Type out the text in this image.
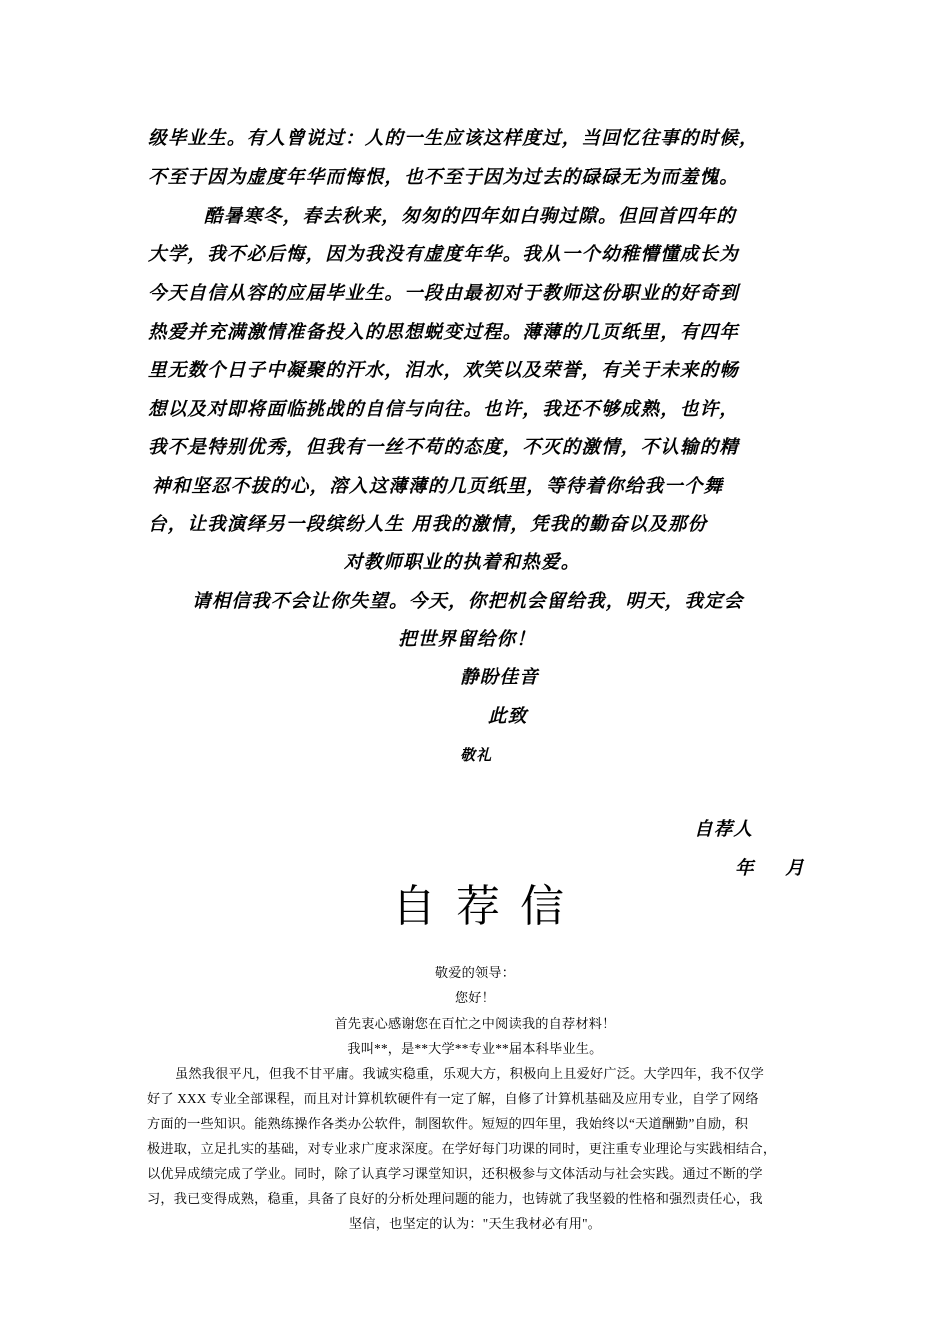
级毕业生。有人曾说过：人的一生应该这样度过，当回忆往事的时候，
不至于因为虚度年华而悔恨，也不至于因为过去的碌碌无为而羞愧。
酷暑寒冬，春去秋来，匆匆的四年如白驹过隙。但回首四年的
大学，我不必后悔，因为我没有虚度年华。我从一个幼稚懵懂成长为
今天自信从容的应届毕业生。一段由最初对于教师这份职业的好奇到
热爱并充满激情准备投入的思想蜕变过程。薄薄的几页纸里，有四年
里无数个日子中凝聚的汗水，泪水，欢笑以及荣誉，有关于未来的畅
想以及对即将面临挑战的自信与向往。也许，我还不够成熟，也许，
我不是特别优秀，但我有一丝不苟的态度，不灭的激情，不认输的精
神和坚忍不拔的心，溶入这薄薄的几页纸里，等待着你给我一个舞
台，让我演绎另一段缤纷人生 用我的激情，凭我的勤奋以及那份
对教师职业的执着和热爱。
请相信我不会让你失望。今天，你把机会留给我，明天，我定会
把世界留给你！
静盼佳音
此致
敬礼
自荐人
年    月
自荐信
敬爱的领导：
您好！
首先衷心感谢您在百忙之中阅读我的自荐材料！
我叫**，是**大学**专业**届本科毕业生。
虽然我很平凡，但我不甘平庸。我诚实稳重，乐观大方，积极向上且爱好广泛。大学四年，我不仅学
好了 XXX 专业全部课程，而且对计算机软硬件有一定了解，自修了计算机基础及应用专业，自学了网络
方面的一些知识。能熟练操作各类办公软件，制图软件。短短的四年里，我始终以“天道酬勤”自励，积
极进取，立足扎实的基础，对专业求广度求深度。在学好每门功课的同时，更注重专业理论与实践相结合，
以优异成绩完成了学业。同时，除了认真学习课堂知识，还积极参与文体活动与社会实践。通过不断的学
习，我已变得成熟，稳重，具备了良好的分析处理问题的能力，也铸就了我坚毅的性格和强烈责任心，我
坚信，也坚定的认为："天生我材必有用"。
